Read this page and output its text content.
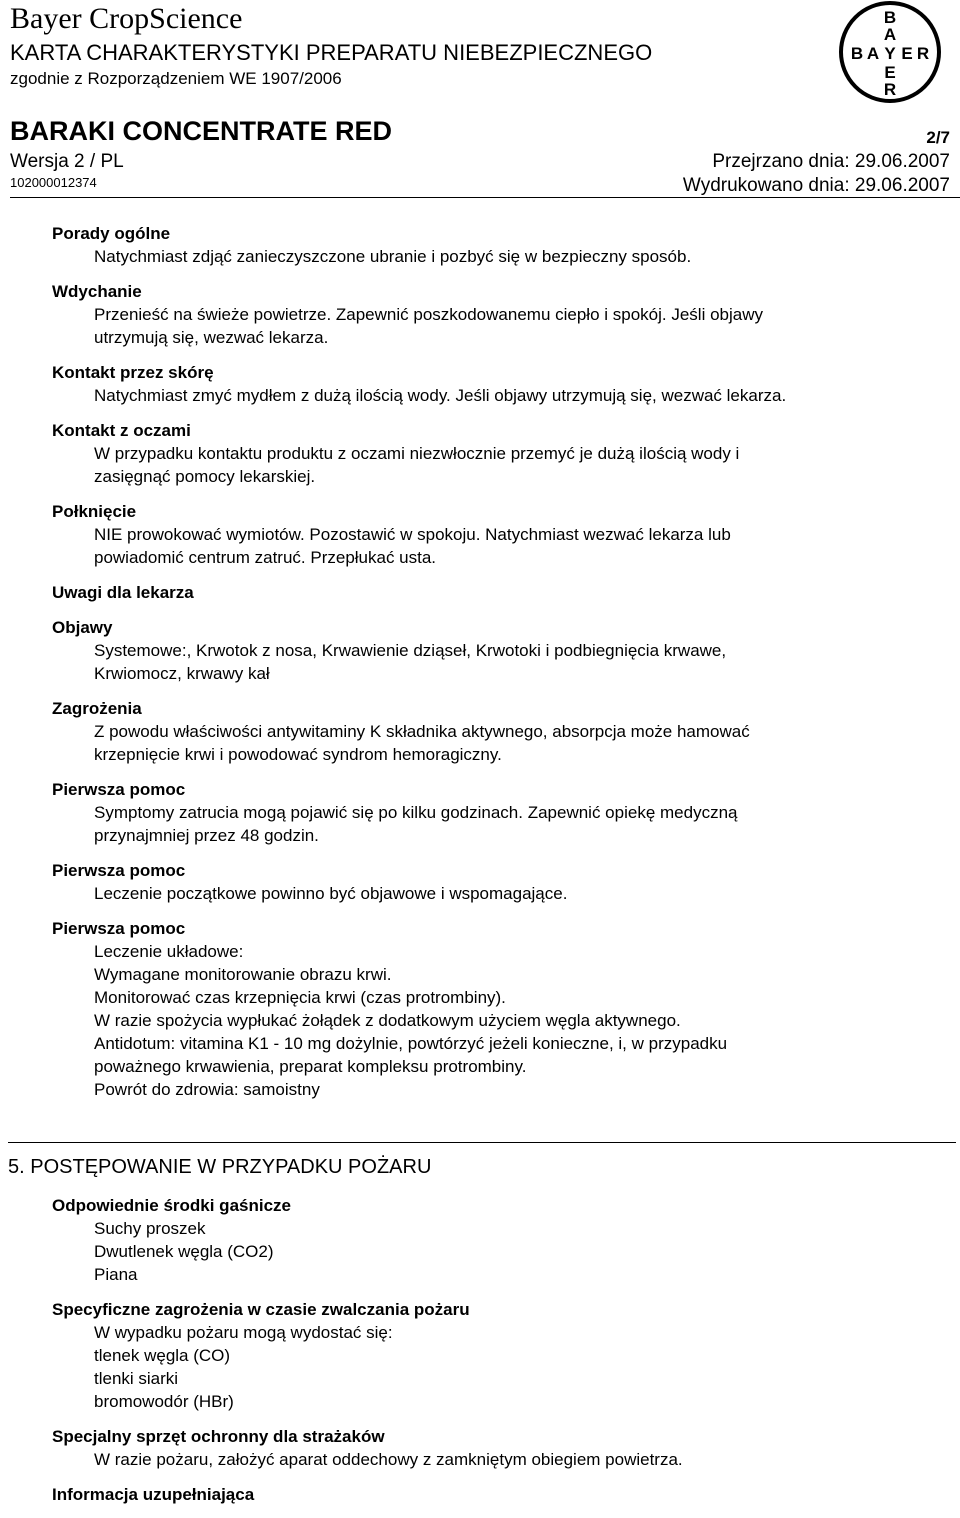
Bayer CropScience
KARTA CHARAKTERYSTYKI PREPARATU NIEBEZPIECZNEGO
zgodnie z Rozporządzeniem WE 1907/2006
BARAKI CONCENTRATE RED	2/7
Wersja 2 / PL
102000012374
Przejrzano dnia: 29.06.2007
Wydrukowano dnia: 29.06.2007
B
A
B A Y E R
E
R
Porady ogólne
Natychmiast zdjąć zanieczyszczone ubranie i pozbyć się w bezpieczny sposób.
Wdychanie
Przenieść na świeże powietrze. Zapewnić poszkodowanemu ciepło i spokój. Jeśli objawy
utrzymują się, wezwać lekarza.
Kontakt przez skórę
Natychmiast zmyć mydłem z dużą ilością wody. Jeśli objawy utrzymują się, wezwać lekarza.
Kontakt z oczami
W przypadku kontaktu produktu z oczami niezwłocznie przemyć je dużą ilością wody i
zasięgnąć pomocy lekarskiej.
Połknięcie
NIE prowokować wymiotów. Pozostawić w spokoju. Natychmiast wezwać lekarza lub
powiadomić centrum zatruć. Przepłukać usta.
Uwagi dla lekarza
Objawy
Systemowe:, Krwotok z nosa, Krwawienie dziąseł, Krwotoki i podbiegnięcia krwawe,
Krwiomocz, krwawy kał
Zagrożenia
Z powodu właściwości antywitaminy K składnika aktywnego, absorpcja może hamować
krzepnięcie krwi i powodować syndrom hemoragiczny.
Pierwsza pomoc
Symptomy zatrucia mogą pojawić się po kilku godzinach. Zapewnić opiekę medyczną
przynajmniej przez 48 godzin.
Pierwsza pomoc
Leczenie początkowe powinno być objawowe i wspomagające.
Pierwsza pomoc
Leczenie układowe:
Wymagane monitorowanie obrazu krwi.
Monitorować czas krzepnięcia krwi (czas protrombiny).
W razie spożycia wypłukać żołądek z dodatkowym użyciem węgla aktywnego.
Antidotum: vitamina K1 - 10 mg dożylnie, powtórzyć jeżeli konieczne, i, w przypadku
poważnego krwawienia, preparat kompleksu protrombiny.
Powrót do zdrowia: samoistny
5. POSTĘPOWANIE W PRZYPADKU POŻARU
Odpowiednie środki gaśnicze
Suchy proszek
Dwutlenek węgla (CO2)
Piana
Specyficzne zagrożenia w czasie zwalczania pożaru
W wypadku pożaru mogą wydostać się:
tlenek węgla (CO)
tlenki siarki
bromowodór (HBr)
Specjalny sprzęt ochronny dla strażaków
W razie pożaru, założyć aparat oddechowy z zamkniętym obiegiem powietrza.
Informacja uzupełniająca
